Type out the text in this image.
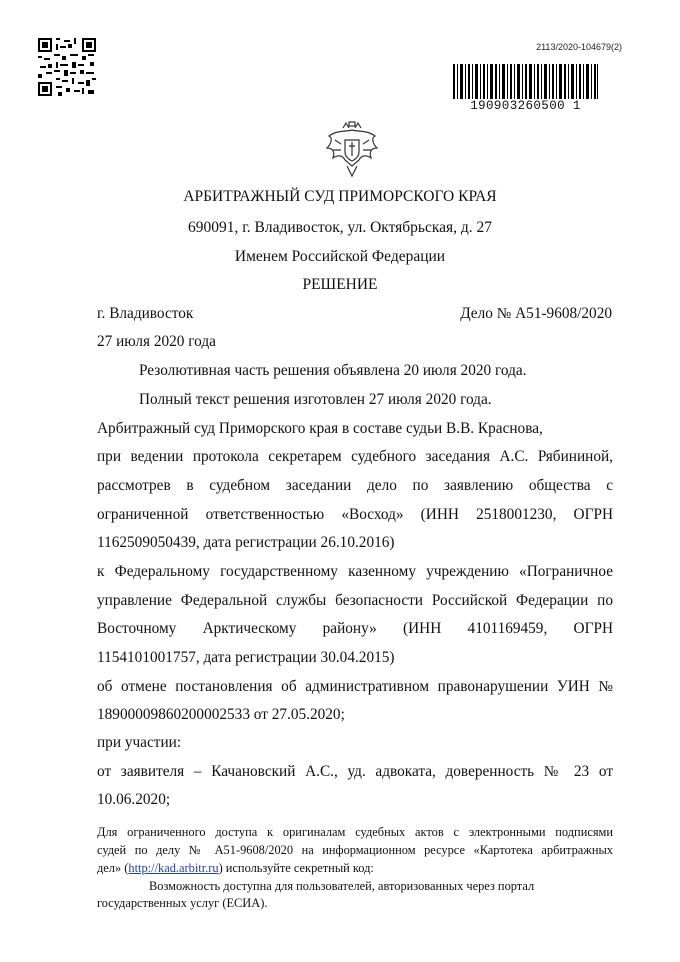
2113/2020-104679(2)
190903260500 1
АРБИТРАЖНЫЙ СУД ПРИМОРСКОГО КРАЯ
690091, г. Владивосток, ул. Октябрьская, д. 27
Именем Российской Федерации
РЕШЕНИЕ
г. Владивосток	Дело № А51-9608/2020
27 июля 2020 года
Резолютивная часть решения объявлена 20 июля 2020 года.
Полный текст решения изготовлен 27 июля 2020 года.
Арбитражный суд Приморского края в составе судьи В.В. Краснова,
при ведении протокола секретарем судебного заседания А.С. Рябининой,
рассмотрев в судебном заседании дело по заявлению общества с
ограниченной ответственностью «Восход» (ИНН 2518001230, ОГРН
1162509050439, дата регистрации 26.10.2016)
к Федеральному государственному казенному учреждению «Пограничное
управление Федеральной службы безопасности Российской Федерации по
Восточному Арктическому району» (ИНН 4101169459, ОГРН
1154101001757, дата регистрации 30.04.2015)
об отмене постановления об административном правонарушении УИН №
18900009860200002533 от 27.05.2020;
при участии:
от заявителя – Качановский А.С., уд. адвоката, доверенность № 23 от
10.06.2020;
Для ограниченного доступа к оригиналам судебных актов с электронными подписями
судей по делу № А51-9608/2020 на информационном ресурсе «Картотека арбитражных
дел» (http://kad.arbitr.ru) используйте секретный код:
Возможность доступна для пользователей, авторизованных через портал
государственных услуг (ЕСИА).
